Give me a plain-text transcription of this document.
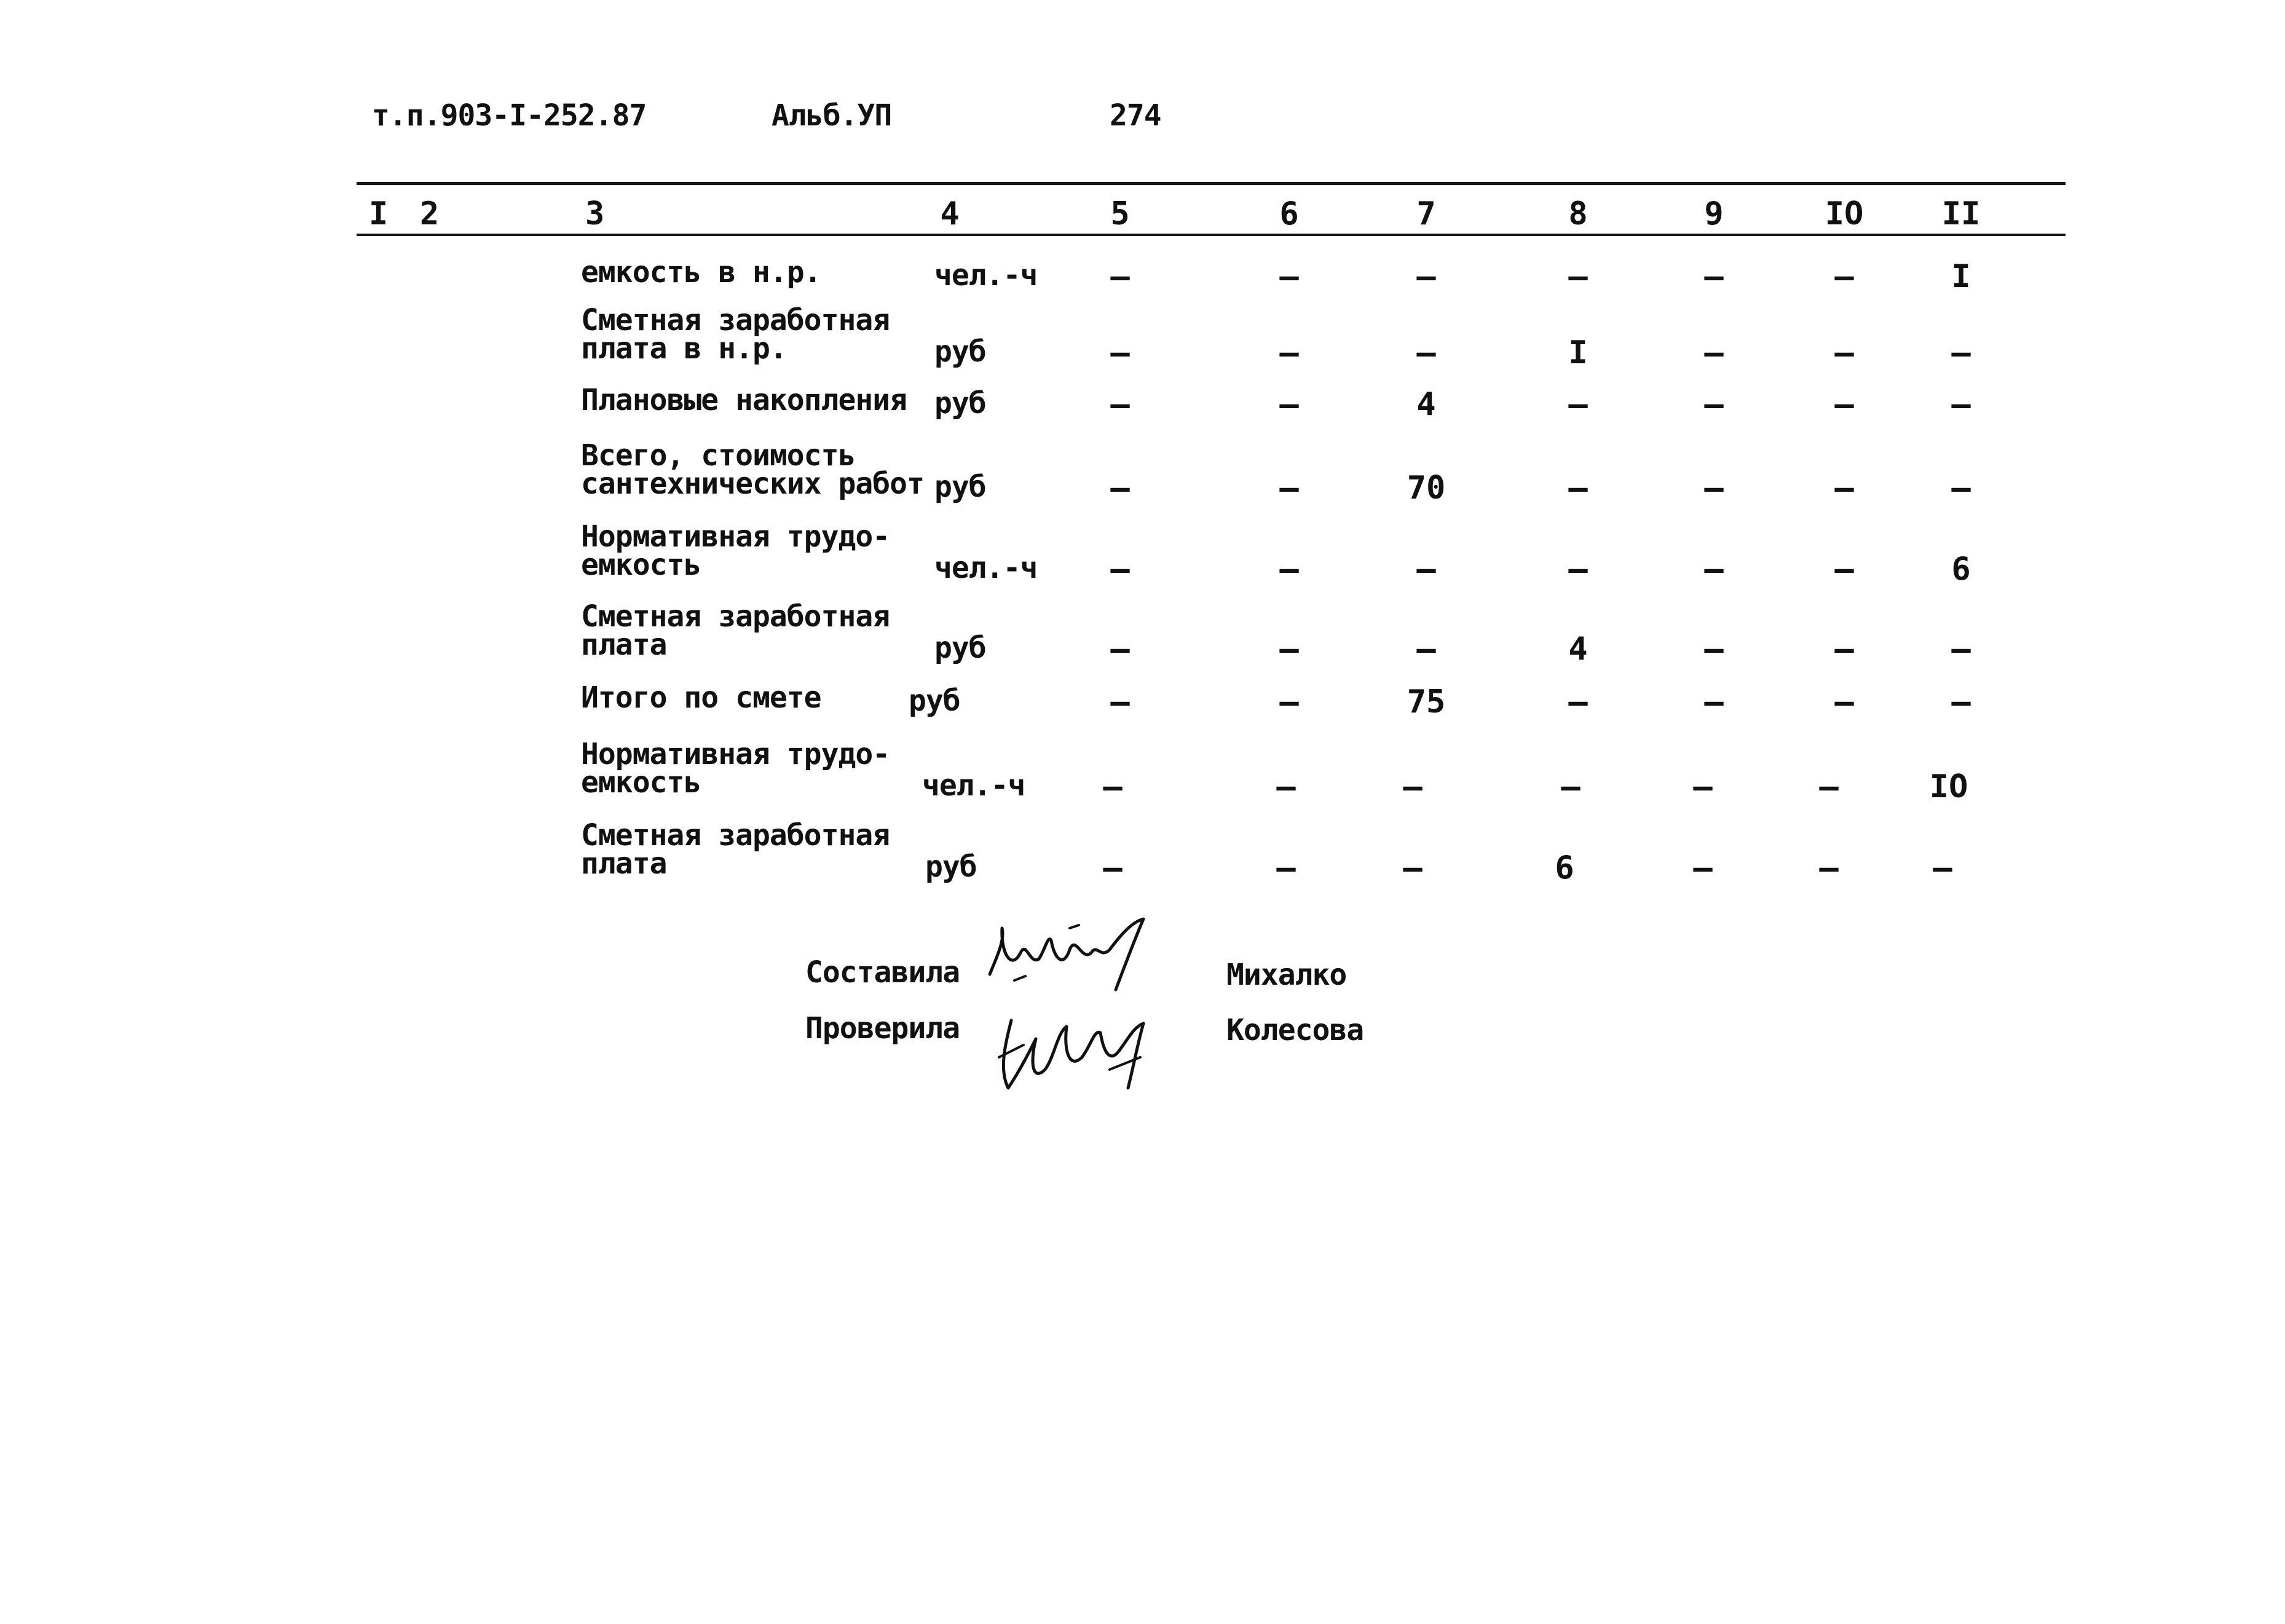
т.п.903-I-252.87	Альб.УП	274
I 2	3	4	5	6	7	8	9	IO II
емкость в н.р.	чел.-ч –	–	–	–	–	–	I
Сметная заработная
плата в н.р.	руб	–	–	–	I	–	–	–
Плановые накопления руб	–	–	4	–	–	–	–
Всего, стоимость
сантехнических работ руб	–	–	70	–	–	–	–
Нормативная трудо-
емкость	чел.-ч –	–	–	–	–	–	6
Сметная заработная
плата	руб	–	–	–	4	–	–	–
Итого по смете	руб	–	–	75	–	–	–	–
Нормативная трудо-
емкость	чел.-ч –	–	–	–	–	–	IO
Сметная заработная
плата	руб	–	–	–	6	–	–	–
Составила	Михалко
Проверила	Колесова
